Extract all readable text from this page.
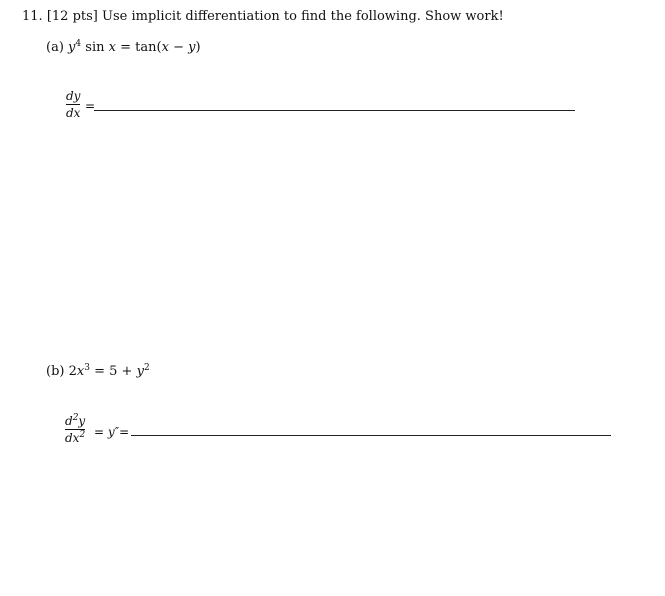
11. [12 pts] Use implicit differentiation to find the following. Show work!
(a) $y^4$ sin x = tan(x − y)
dy
dx =
(b) $2x^3 = 5 + y^2$
$d^2y$
$dx^2 = y''=$
